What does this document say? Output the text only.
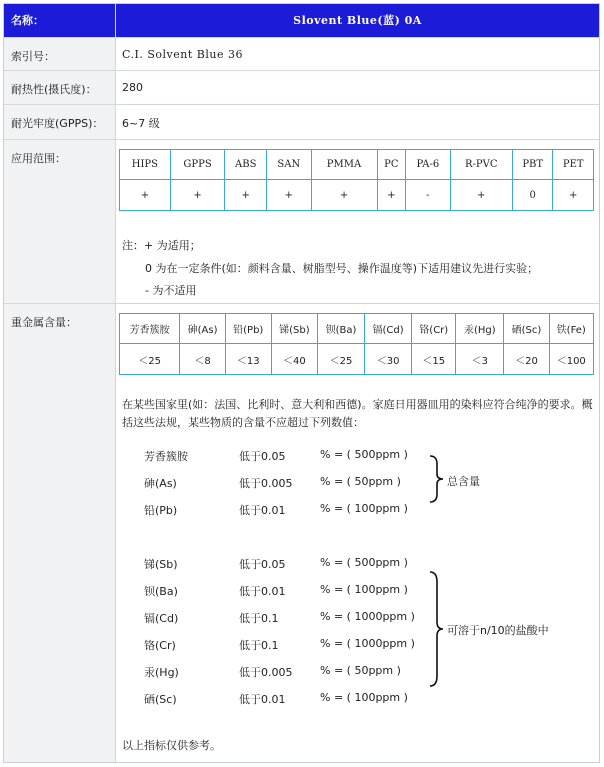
名称：	Slovent Blue(蓝) 0A
索引号：	C.I. Solvent Blue 36
耐热性(摄氏度)：	280
耐光牢度(GPPS)：	6~7 级
应用范围：	HIPS	GPPS	ABS	SAN	PMMA	PC	PA-6	R-PVC	PBT	PET
+	+	+	+	+	+	-	+	0	+
注：+ 为适用；
0 为在一定条件(如：颜料含量、树脂型号、操作温度等)下适用建议先进行实验；
- 为不适用
重金属含量：
芳香簇胺	砷(As)	铅(Pb)	锑(Sb)	钡(Ba)	镉(Cd)	铬(Cr)	汞(Hg)	硒(Sc)	铁(Fe)
＜25	＜8	＜13	＜40	＜25	＜30	＜15	＜3	＜20	＜100
在某些国家里(如：法国、比利时、意大利和西德)。家庭日用器皿用的染料应符合纯净的要求。概括这些法规，某些物质的含量不应超过下列数值：
芳香簇胺	低于0.05	% = ( 500ppm )
砷(As)	低于0.005	% = ( 50ppm )
铅(Pb)	低于0.01	% = ( 100ppm )
总含量
锑(Sb)	低于0.05	% = ( 500ppm )
钡(Ba)	低于0.01	% = ( 100ppm )
镉(Cd)	低于0.1	% = ( 1000ppm )
铬(Cr)	低于0.1	% = ( 1000ppm )
汞(Hg)	低于0.005	% = ( 50ppm )
硒(Sc)	低于0.01	% = ( 100ppm )
可溶于n/10的盐酸中
以上指标仅供参考。
